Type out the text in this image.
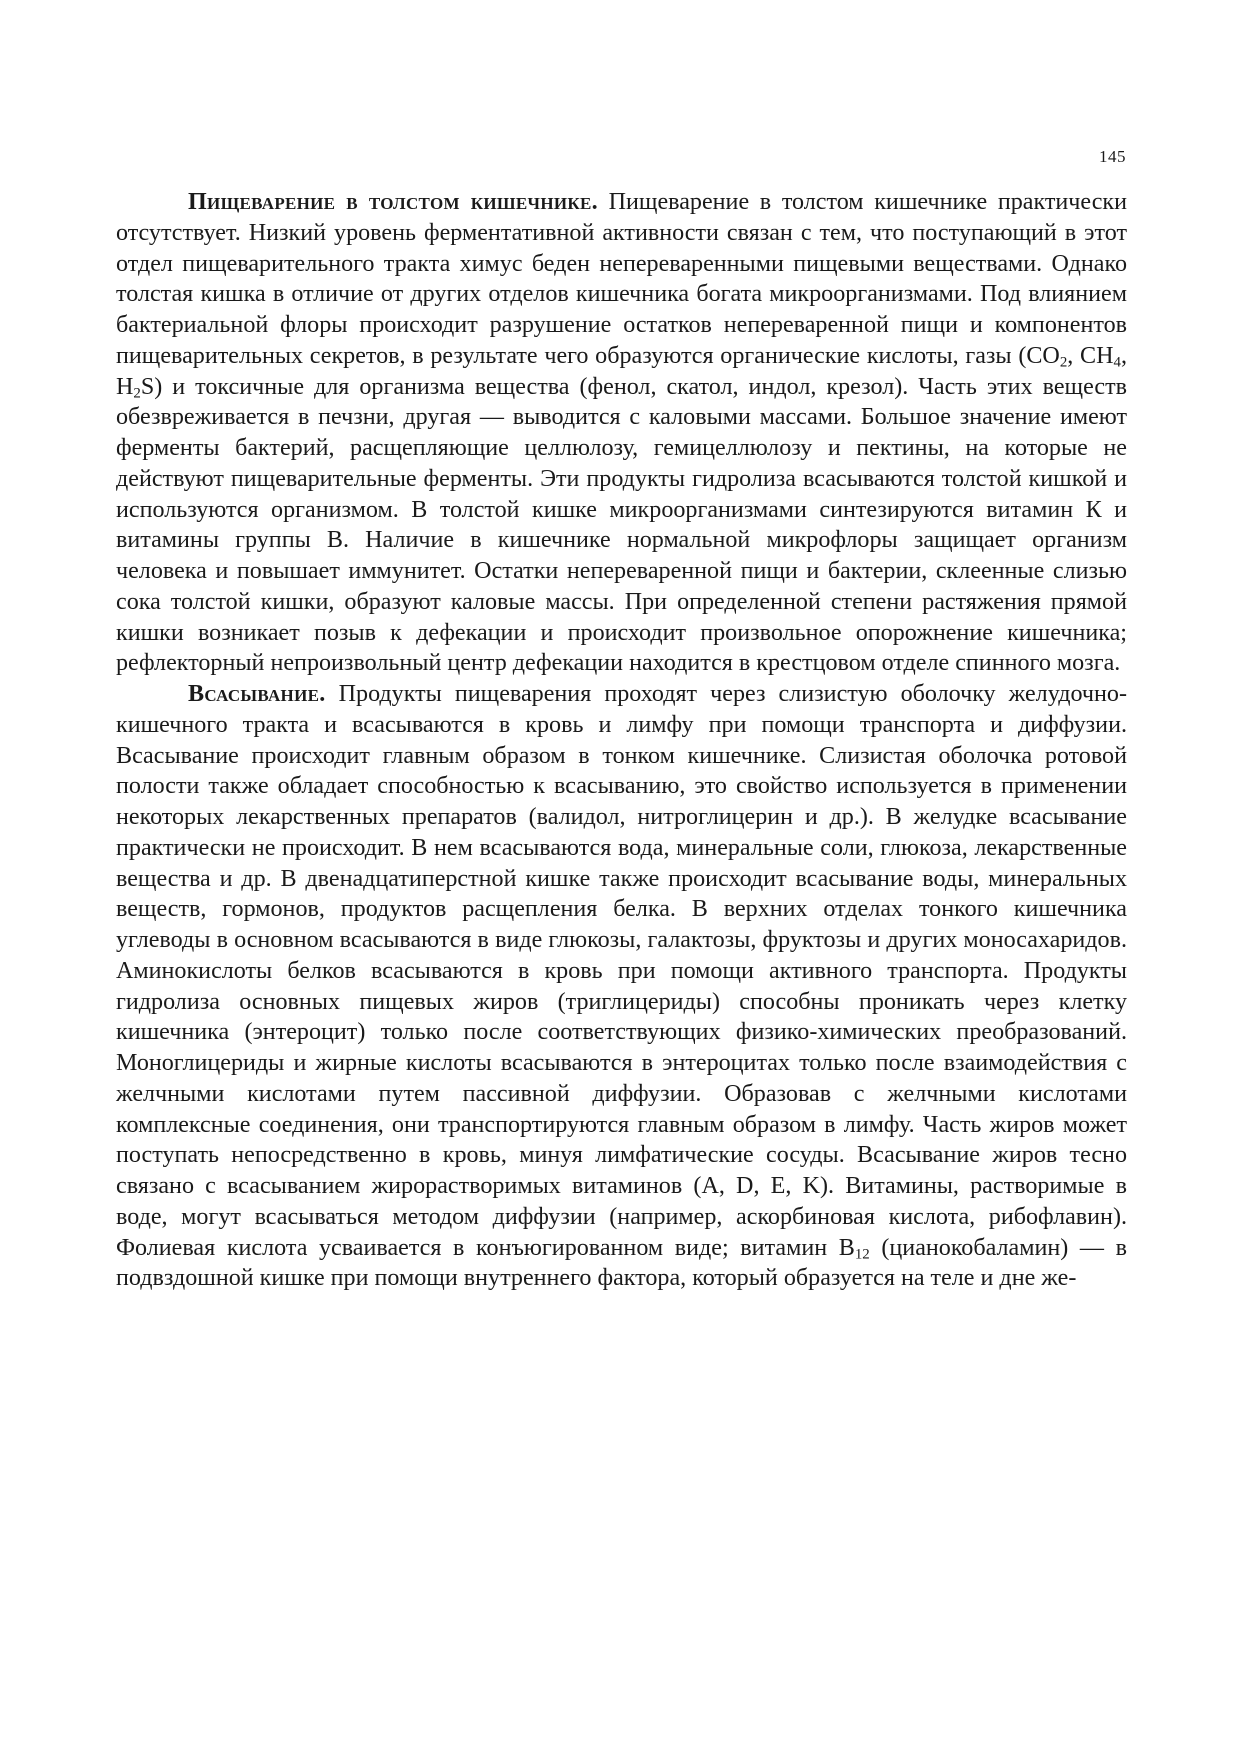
145

Пищеварение в толстом кишечнике. Пищеварение в толстом кишечнике практически отсутствует. Низкий уровень ферментативной активности связан с тем, что поступающий в этот отдел пищеварительного тракта химус беден непереваренными пищевыми веществами. Однако толстая кишка в отличие от других отделов кишечника богата микроорганизмами. Под влиянием бактериальной флоры происходит разрушение остатков непереваренной пищи и компонентов пищеварительных секретов, в результате чего образуются органические кислоты, газы ($CO_2$, $CH_4$, $H_2S$) и токсичные для организма вещества (фенол, скатол, индол, крезол). Часть этих веществ обезвреживается в печзни, другая — выводится с каловыми массами. Большое значение имеют ферменты бактерий, расщепляющие целлюлозу, гемицеллюлозу и пектины, на которые не действуют пищеварительные ферменты. Эти продукты гидролиза всасываются толстой кишкой и используются организмом. В толстой кишке микроорганизмами синтезируются витамин К и витамины группы В. Наличие в кишечнике нормальной микрофлоры защищает организм человека и повышает иммунитет. Остатки непереваренной пищи и бактерии, склеенные слизью сока толстой кишки, образуют каловые массы. При определенной степени растяжения прямой кишки возникает позыв к дефекации и происходит произвольное опорожнение кишечника; рефлекторный непроизвольный центр дефекации находится в крестцовом отделе спинного мозга.

Всасывание. Продукты пищеварения проходят через слизистую оболочку желудочно-кишечного тракта и всасываются в кровь и лимфу при помощи транспорта и диффузии. Всасывание происходит главным образом в тонком кишечнике. Слизистая оболочка ротовой полости также обладает способностью к всасыванию, это свойство используется в применении некоторых лекарственных препаратов (валидол, нитроглицерин и др.). В желудке всасывание практически не происходит. В нем всасываются вода, минеральные соли, глюкоза, лекарственные вещества и др. В двенадцатиперстной кишке также происходит всасывание воды, минеральных веществ, гормонов, продуктов расщепления белка. В верхних отделах тонкого кишечника углеводы в основном всасываются в виде глюкозы, галактозы, фруктозы и других моносахаридов. Аминокислоты белков всасываются в кровь при помощи активного транспорта. Продукты гидролиза основных пищевых жиров (триглицериды) способны проникать через клетку кишечника (энтероцит) только после соответствующих физико-химических преобразований. Моноглицериды и жирные кислоты всасываются в энтероцитах только после взаимодействия с желчными кислотами путем пассивной диффузии. Образовав с желчными кислотами комплексные соединения, они транспортируются главным образом в лимфу. Часть жиров может поступать непосредственно в кровь, минуя лимфатические сосуды. Всасывание жиров тесно связано с всасыванием жирорастворимых витаминов (A, D, E, K). Витамины, растворимые в воде, могут всасываться методом диффузии (например, аскорбиновая кислота, рибофлавин). Фолиевая кислота усваивается в конъюгированном виде; витамин $B_{12}$ (цианокобаламин) — в подвздошной кишке при помощи внутреннего фактора, который образуется на теле и дне же-
